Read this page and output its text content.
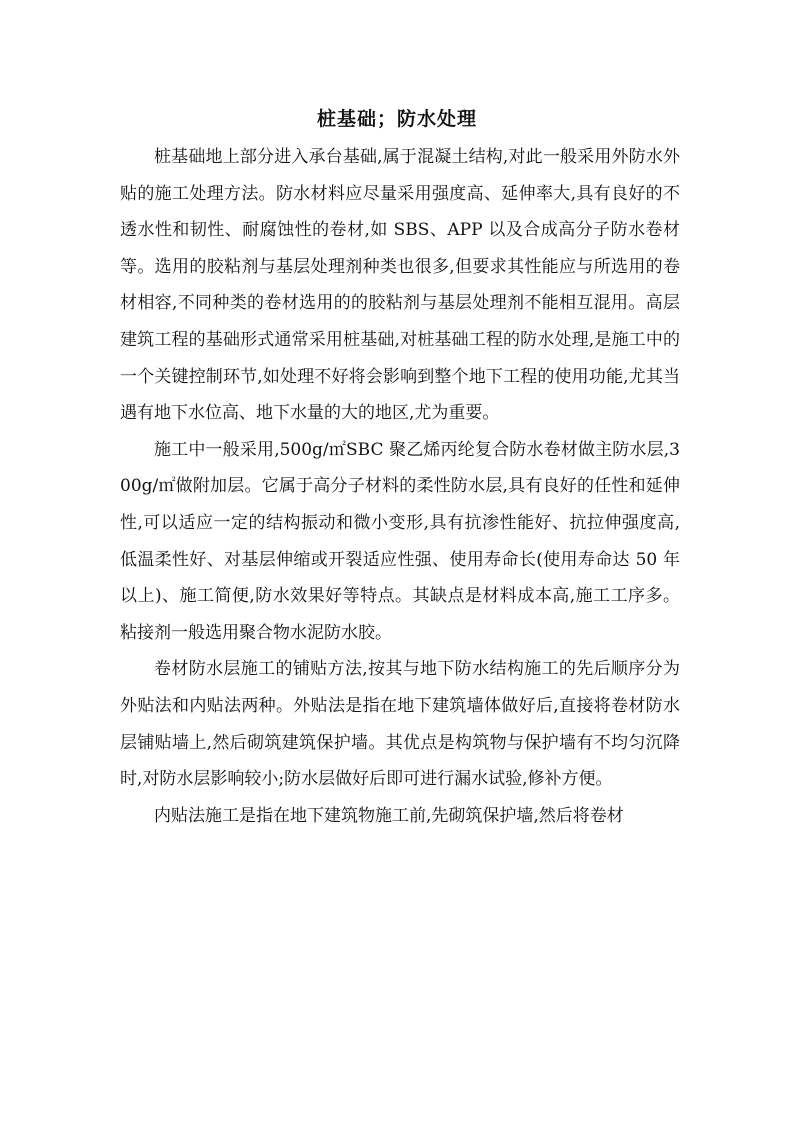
桩基础；防水处理

桩基础地上部分进入承台基础,属于混凝土结构,对此一般采用外防水外贴的施工处理方法。防水材料应尽量采用强度高、延伸率大,具有良好的不透水性和韧性、耐腐蚀性的卷材,如 SBS、APP 以及合成高分子防水卷材等。选用的胶粘剂与基层处理剂种类也很多,但要求其性能应与所选用的卷材相容,不同种类的卷材选用的的胶粘剂与基层处理剂不能相互混用。高层建筑工程的基础形式通常采用桩基础,对桩基础工程的防水处理,是施工中的一个关键控制环节,如处理不好将会影响到整个地下工程的使用功能,尤其当遇有地下水位高、地下水量的大的地区,尤为重要。

施工中一般采用,500g/㎡SBC 聚乙烯丙纶复合防水卷材做主防水层,300g/㎡做附加层。它属于高分子材料的柔性防水层,具有良好的任性和延伸性,可以适应一定的结构振动和微小变形,具有抗渗性能好、抗拉伸强度高,低温柔性好、对基层伸缩或开裂适应性强、使用寿命长(使用寿命达 50 年以上)、施工简便,防水效果好等特点。其缺点是材料成本高,施工工序多。粘接剂一般选用聚合物水泥防水胶。

卷材防水层施工的铺贴方法,按其与地下防水结构施工的先后顺序分为外贴法和内贴法两种。外贴法是指在地下建筑墙体做好后,直接将卷材防水层铺贴墙上,然后砌筑建筑保护墙。其优点是构筑物与保护墙有不均匀沉降时,对防水层影响较小;防水层做好后即可进行漏水试验,修补方便。

内贴法施工是指在地下建筑物施工前,先砌筑保护墙,然后将卷材
